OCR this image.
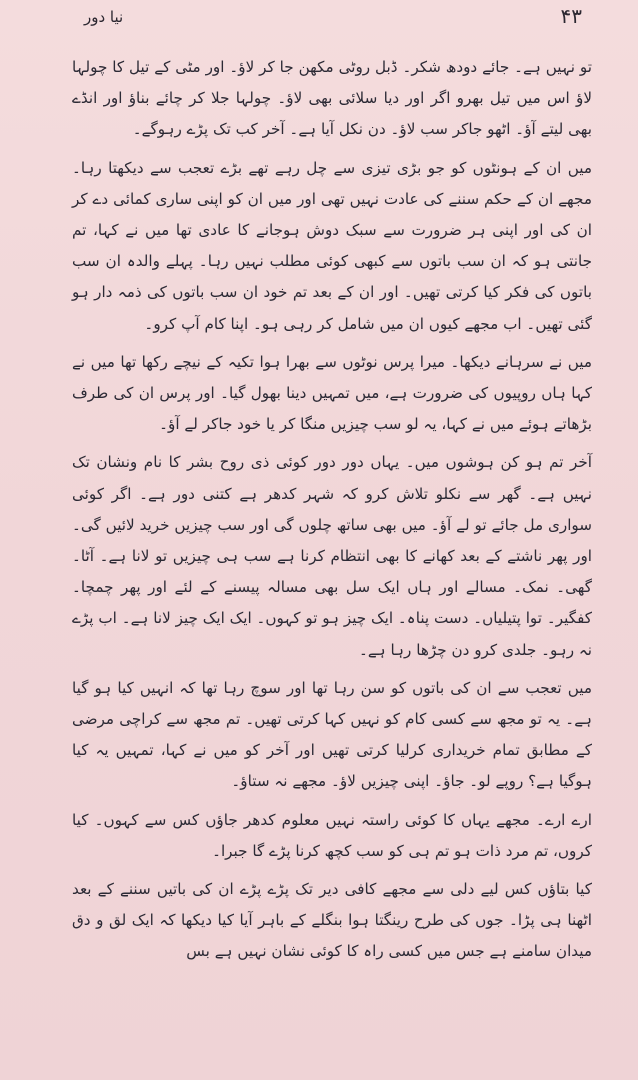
نیا دور	۴۳

تو نہیں ہے۔ جائے دودھ شکر۔ ڈبل روٹی مکھن جا کر لاؤ۔ اور مٹی کے تیل کا چولہا لاؤ اس میں تیل بھرو اگر اور دیا سلائی بھی لاؤ۔ چولہا جلا کر چائے بناؤ اور انڈے بھی لیتے آؤ۔ اٹھو جاکر سب لاؤ۔ دن نکل آیا ہے۔ آخر کب تک پڑے رہوگے۔

میں ان کے ہونٹوں کو جو بڑی تیزی سے چل رہے تھے بڑے تعجب سے دیکھتا رہا۔ مجھے ان کے حکم سننے کی عادت نہیں تھی اور میں ان کو اپنی ساری کمائی دے کر ان کی اور اپنی ہر ضرورت سے سبک دوش ہوجانے کا عادی تھا میں نے کہا، تم جانتی ہو کہ ان سب باتوں سے کبھی کوئی مطلب نہیں رہا۔ پہلے والدہ ان سب باتوں کی فکر کیا کرتی تھیں۔ اور ان کے بعد تم خود ان سب باتوں کی ذمہ دار ہو گئی تھیں۔ اب مجھے کیوں ان میں شامل کر رہی ہو۔ اپنا کام آپ کرو۔

میں نے سرہانے دیکھا۔ میرا پرس نوٹوں سے بھرا ہوا تکیہ کے نیچے رکھا تھا میں نے کہا ہاں روپیوں کی ضرورت ہے، میں تمہیں دینا بھول گیا۔ اور پرس ان کی طرف بڑھاتے ہوئے میں نے کہا، یہ لو سب چیزیں منگا کر یا خود جاکر لے آؤ۔

آخر تم ہو کن ہوشوں میں۔ یہاں دور دور کوئی ذی روح بشر کا نام ونشان تک نہیں ہے۔ گھر سے نکلو تلاش کرو کہ شہر کدھر ہے کتنی دور ہے۔ اگر کوئی سواری مل جائے تو لے آؤ۔ میں بھی ساتھ چلوں گی اور سب چیزیں خرید لائیں گی۔ اور پھر ناشتے کے بعد کھانے کا بھی انتظام کرنا ہے سب ہی چیزیں تو لانا ہے۔ آٹا۔ گھی۔ نمک۔ مسالے اور ہاں ایک سل بھی مسالہ پیسنے کے لئے اور پھر چمچا۔ کفگیر۔ توا پتیلیاں۔ دست پناہ۔ ایک چیز ہو تو کہوں۔ ایک ایک چیز لانا ہے۔ اب پڑے نہ رہو۔ جلدی کرو دن چڑھا رہا ہے۔

میں تعجب سے ان کی باتوں کو سن رہا تھا اور سوچ رہا تھا کہ انہیں کیا ہو گیا ہے۔ یہ تو مجھ سے کسی کام کو نہیں کہا کرتی تھیں۔ تم مجھ سے کراچی مرضی کے مطابق تمام خریداری کرلیا کرتی تھیں اور آخر کو میں نے کہا، تمہیں یہ کیا ہوگیا ہے؟ روپے لو۔ جاؤ۔ اپنی چیزیں لاؤ۔ مجھے نہ ستاؤ۔

ارے ارے۔ مجھے یہاں کا کوئی راستہ نہیں معلوم کدھر جاؤں کس سے کہوں۔ کیا کروں، تم مرد ذات ہو تم ہی کو سب کچھ کرنا پڑے گا جبرا۔

کیا بتاؤں کس لیے دلی سے مجھے کافی دیر تک پڑے پڑے ان کی باتیں سننے کے بعد اٹھنا ہی پڑا۔ جوں کی طرح رینگتا ہوا بنگلے کے باہر آیا کیا دیکھا کہ ایک لق و دق میدان سامنے ہے جس میں کسی راہ کا کوئی نشان نہیں ہے بس
